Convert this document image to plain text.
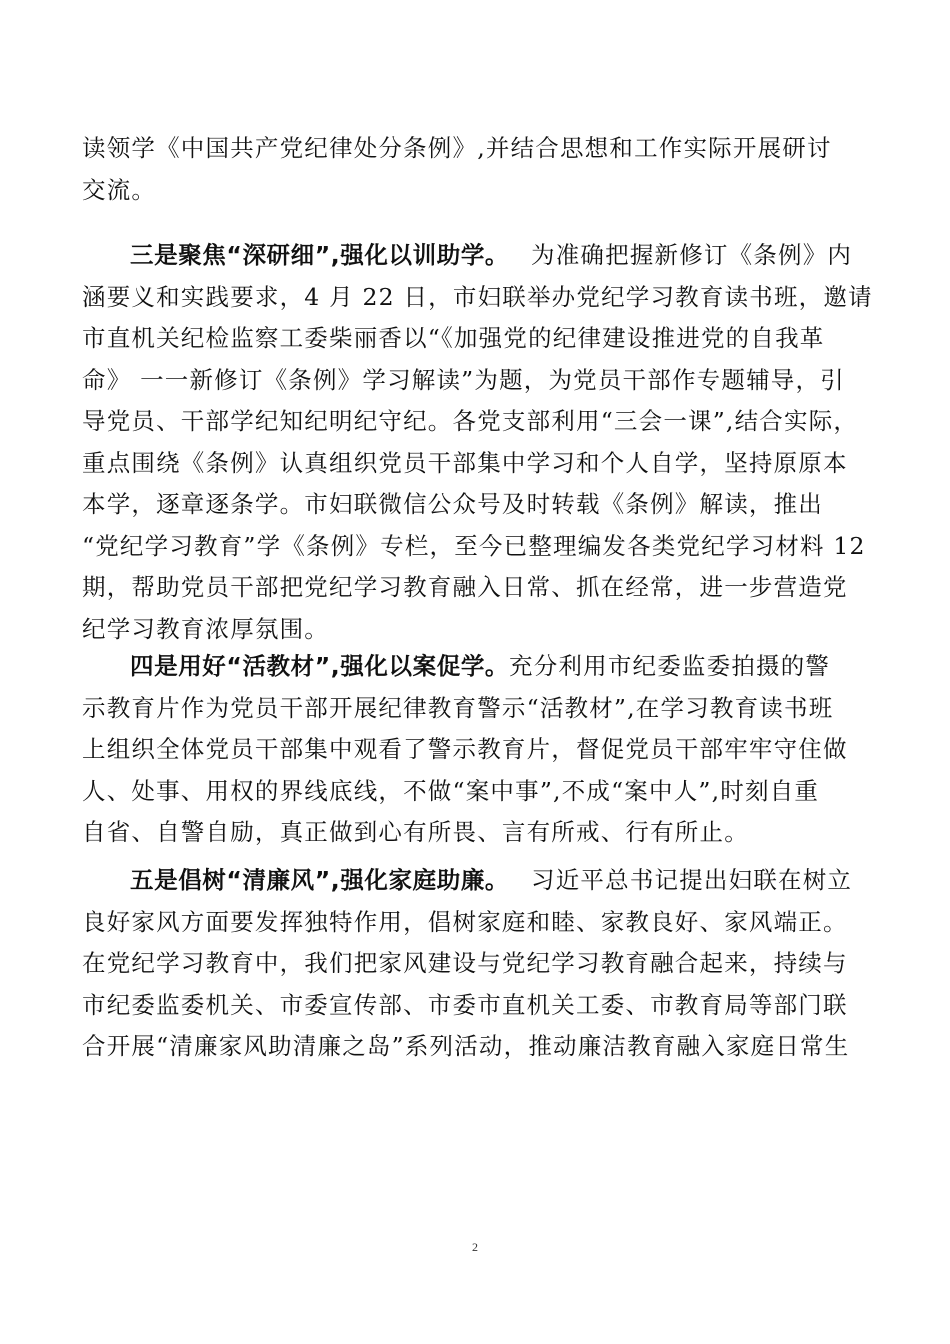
读领学《中国共产党纪律处分条例》,并结合思想和工作实际开展研讨
交流。
三是聚焦“深研细”,强化以训助学。 为准确把握新修订《条例》内
涵要义和实践要求，4 月 22 日，市妇联举办党纪学习教育读书班，邀请
市直机关纪检监察工委柴丽香以“《加强党的纪律建设推进党的自我革
命》 一一新修订《条例》学习解读”为题，为党员干部作专题辅导，引
导党员、干部学纪知纪明纪守纪。各党支部利用“三会一课”,结合实际，
重点围绕《条例》认真组织党员干部集中学习和个人自学，坚持原原本
本学，逐章逐条学。市妇联微信公众号及时转载《条例》解读，推出
“党纪学习教育”学《条例》专栏，至今已整理编发各类党纪学习材料 12
期，帮助党员干部把党纪学习教育融入日常、抓在经常，进一步营造党
纪学习教育浓厚氛围。
四是用好“活教材”,强化以案促学。充分利用市纪委监委拍摄的警
示教育片作为党员干部开展纪律教育警示“活教材”,在学习教育读书班
上组织全体党员干部集中观看了警示教育片，督促党员干部牢牢守住做
人、处事、用权的界线底线，不做“案中事”,不成“案中人”,时刻自重
自省、自警自励，真正做到心有所畏、言有所戒、行有所止。
五是倡树“清廉风”,强化家庭助廉。 习近平总书记提出妇联在树立
良好家风方面要发挥独特作用，倡树家庭和睦、家教良好、家风端正。
在党纪学习教育中，我们把家风建设与党纪学习教育融合起来，持续与
市纪委监委机关、市委宣传部、市委市直机关工委、市教育局等部门联
合开展“清廉家风助清廉之岛”系列活动，推动廉洁教育融入家庭日常生
2
